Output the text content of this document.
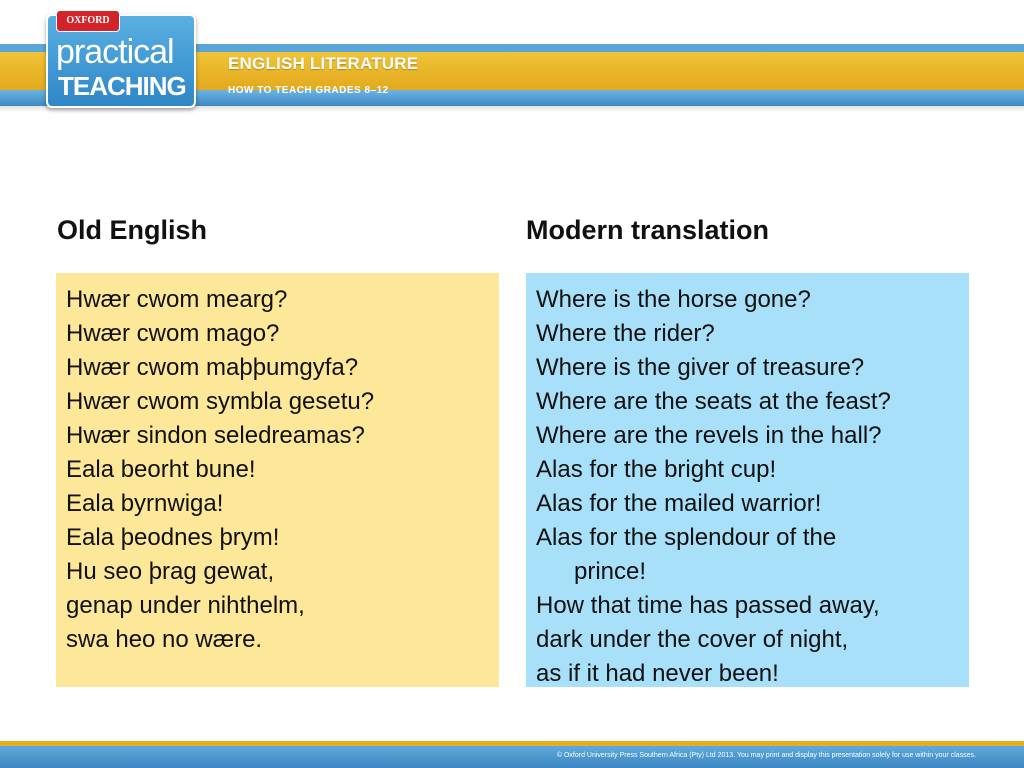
ENGLISH LITERATURE
HOW TO TEACH GRADES 8–12
OXFORD
practical
TEACHING
Old English	Modern translation
Hwær cwom mearg?
Hwær cwom mago?
Hwær cwom maþþumgyfa?
Hwær cwom symbla gesetu?
Hwær sindon seledreamas?
Eala beorht bune!
Eala byrnwiga!
Eala þeodnes þrym!
Hu seo þrag gewat,
genap under nihthelm,
swa heo no wære.
Where is the horse gone?
Where the rider?
Where is the giver of treasure?
Where are the seats at the feast?
Where are the revels in the hall?
Alas for the bright cup!
Alas for the mailed warrior!
Alas for the splendour of the
prince!
How that time has passed away,
dark under the cover of night,
as if it had never been!
© Oxford University Press Southern Africa (Pty) Ltd 2013. You may print and display this presentation solely for use within your classes.
